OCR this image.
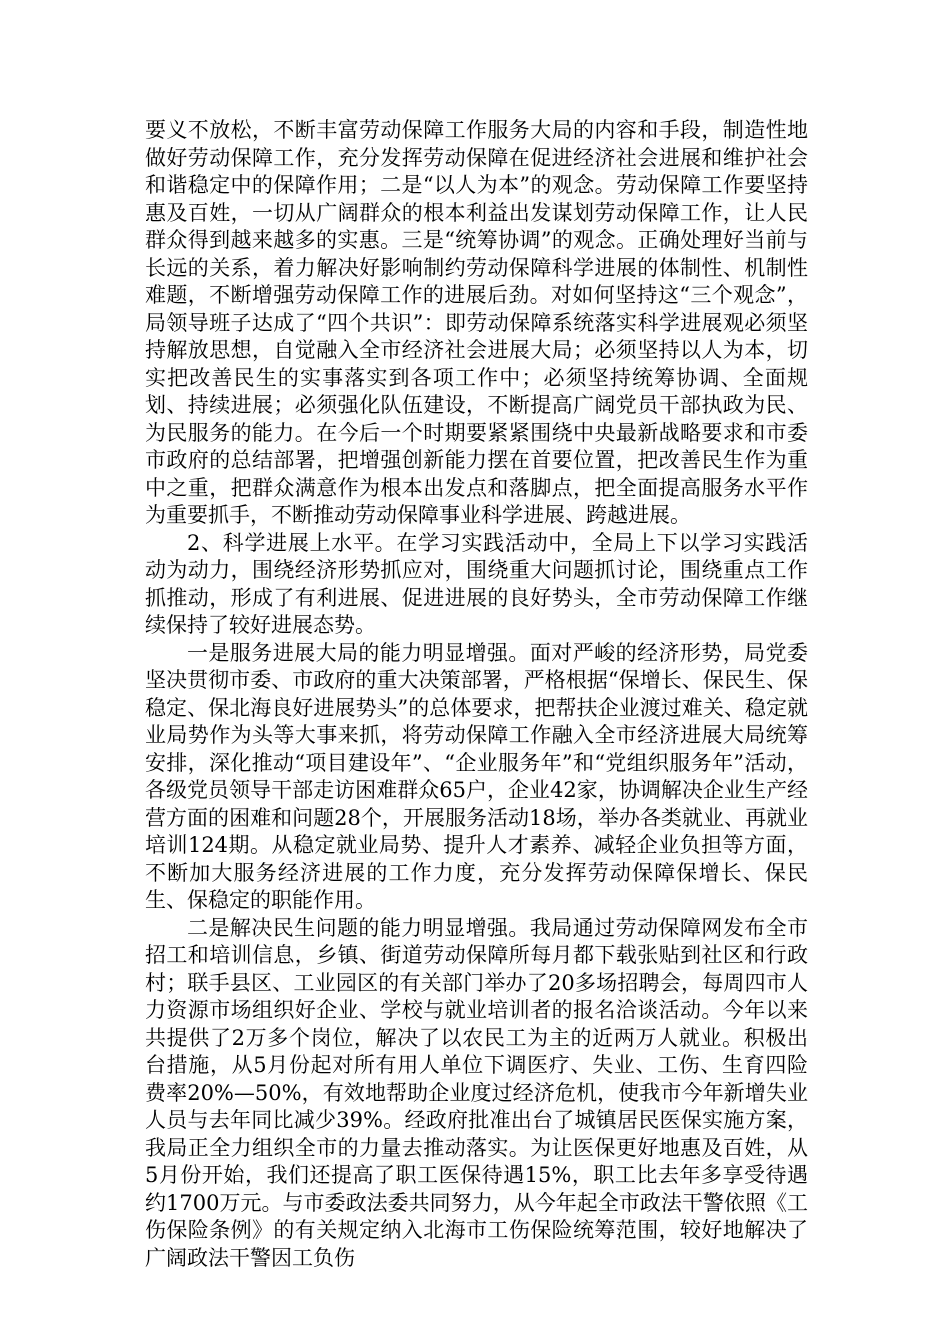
要义不放松，不断丰富劳动保障工作服务大局的内容和手段，制造性地做好劳动保障工作，充分发挥劳动保障在促进经济社会进展和维护社会和谐稳定中的保障作用；二是“以人为本”的观念。劳动保障工作要坚持惠及百姓，一切从广阔群众的根本利益出发谋划劳动保障工作，让人民群众得到越来越多的实惠。三是“统筹协调”的观念。正确处理好当前与长远的关系，着力解决好影响制约劳动保障科学进展的体制性、机制性难题，不断增强劳动保障工作的进展后劲。对如何坚持这“三个观念”，局领导班子达成了“四个共识”：即劳动保障系统落实科学进展观必须坚持解放思想，自觉融入全市经济社会进展大局；必须坚持以人为本，切实把改善民生的实事落实到各项工作中；必须坚持统筹协调、全面规划、持续进展；必须强化队伍建设，不断提高广阔党员干部执政为民、为民服务的能力。在今后一个时期要紧紧围绕中央最新战略要求和市委市政府的总结部署，把增强创新能力摆在首要位置，把改善民生作为重中之重，把群众满意作为根本出发点和落脚点，把全面提高服务水平作为重要抓手，不断推动劳动保障事业科学进展、跨越进展。

2、科学进展上水平。在学习实践活动中，全局上下以学习实践活动为动力，围绕经济形势抓应对，围绕重大问题抓讨论，围绕重点工作抓推动，形成了有利进展、促进进展的良好势头，全市劳动保障工作继续保持了较好进展态势。

一是服务进展大局的能力明显增强。面对严峻的经济形势，局党委坚决贯彻市委、市政府的重大决策部署，严格根据“保增长、保民生、保稳定、保北海良好进展势头”的总体要求，把帮扶企业渡过难关、稳定就业局势作为头等大事来抓，将劳动保障工作融入全市经济进展大局统筹安排，深化推动“项目建设年”、“企业服务年”和“党组织服务年”活动，各级党员领导干部走访困难群众65户，企业42家，协调解决企业生产经营方面的困难和问题28个，开展服务活动18场，举办各类就业、再就业培训124期。从稳定就业局势、提升人才素养、减轻企业负担等方面，不断加大服务经济进展的工作力度，充分发挥劳动保障保增长、保民生、保稳定的职能作用。

二是解决民生问题的能力明显增强。我局通过劳动保障网发布全市招工和培训信息，乡镇、街道劳动保障所每月都下载张贴到社区和行政村；联手县区、工业园区的有关部门举办了20多场招聘会，每周四市人力资源市场组织好企业、学校与就业培训者的报名洽谈活动。今年以来共提供了2万多个岗位，解决了以农民工为主的近两万人就业。积极出台措施，从5月份起对所有用人单位下调医疗、失业、工伤、生育四险费率20%—50%，有效地帮助企业度过经济危机，使我市今年新增失业人员与去年同比减少39%。经政府批准出台了城镇居民医保实施方案，我局正全力组织全市的力量去推动落实。为让医保更好地惠及百姓，从5月份开始，我们还提高了职工医保待遇15%，职工比去年多享受待遇约1700万元。与市委政法委共同努力，从今年起全市政法干警依照《工伤保险条例》的有关规定纳入北海市工伤保险统筹范围，较好地解决了广阔政法干警因工负伤
